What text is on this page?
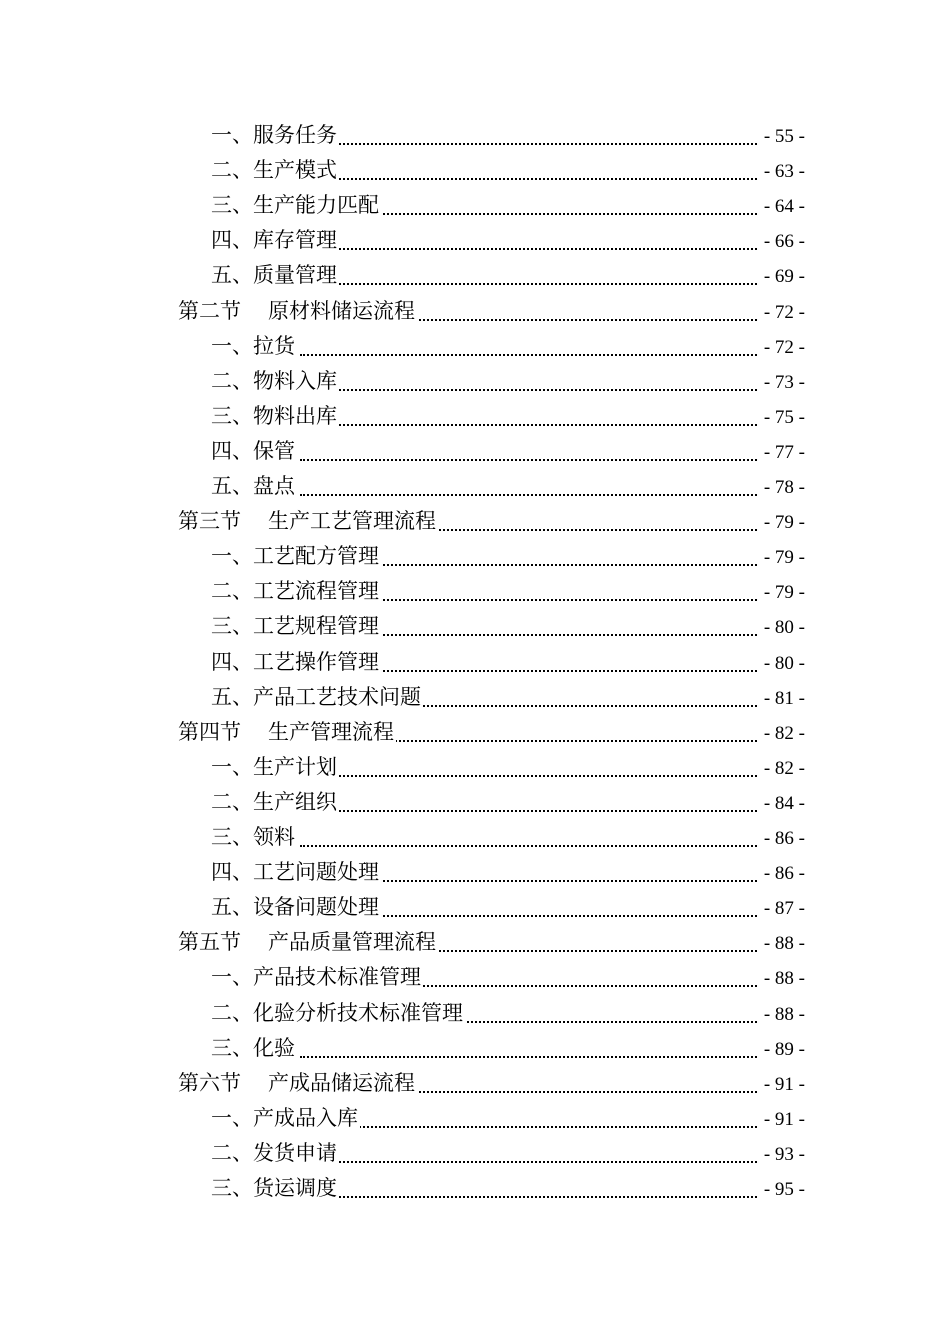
一、服务任务	- 55 -
二、生产模式	- 63 -
三、生产能力匹配	- 64 -
四、库存管理	- 66 -
五、质量管理	- 69 -
第二节 原材料储运流程	- 72 -
一、拉货	- 72 -
二、物料入库	- 73 -
三、物料出库	- 75 -
四、保管	- 77 -
五、盘点	- 78 -
第三节 生产工艺管理流程	- 79 -
一、工艺配方管理	- 79 -
二、工艺流程管理	- 79 -
三、工艺规程管理	- 80 -
四、工艺操作管理	- 80 -
五、产品工艺技术问题	- 81 -
第四节 生产管理流程	- 82 -
一、生产计划	- 82 -
二、生产组织	- 84 -
三、领料	- 86 -
四、工艺问题处理	- 86 -
五、设备问题处理	- 87 -
第五节 产品质量管理流程	- 88 -
一、产品技术标准管理	- 88 -
二、化验分析技术标准管理	- 88 -
三、化验	- 89 -
第六节 产成品储运流程	- 91 -
一、产成品入库	- 91 -
二、发货申请	- 93 -
三、货运调度	- 95 -
